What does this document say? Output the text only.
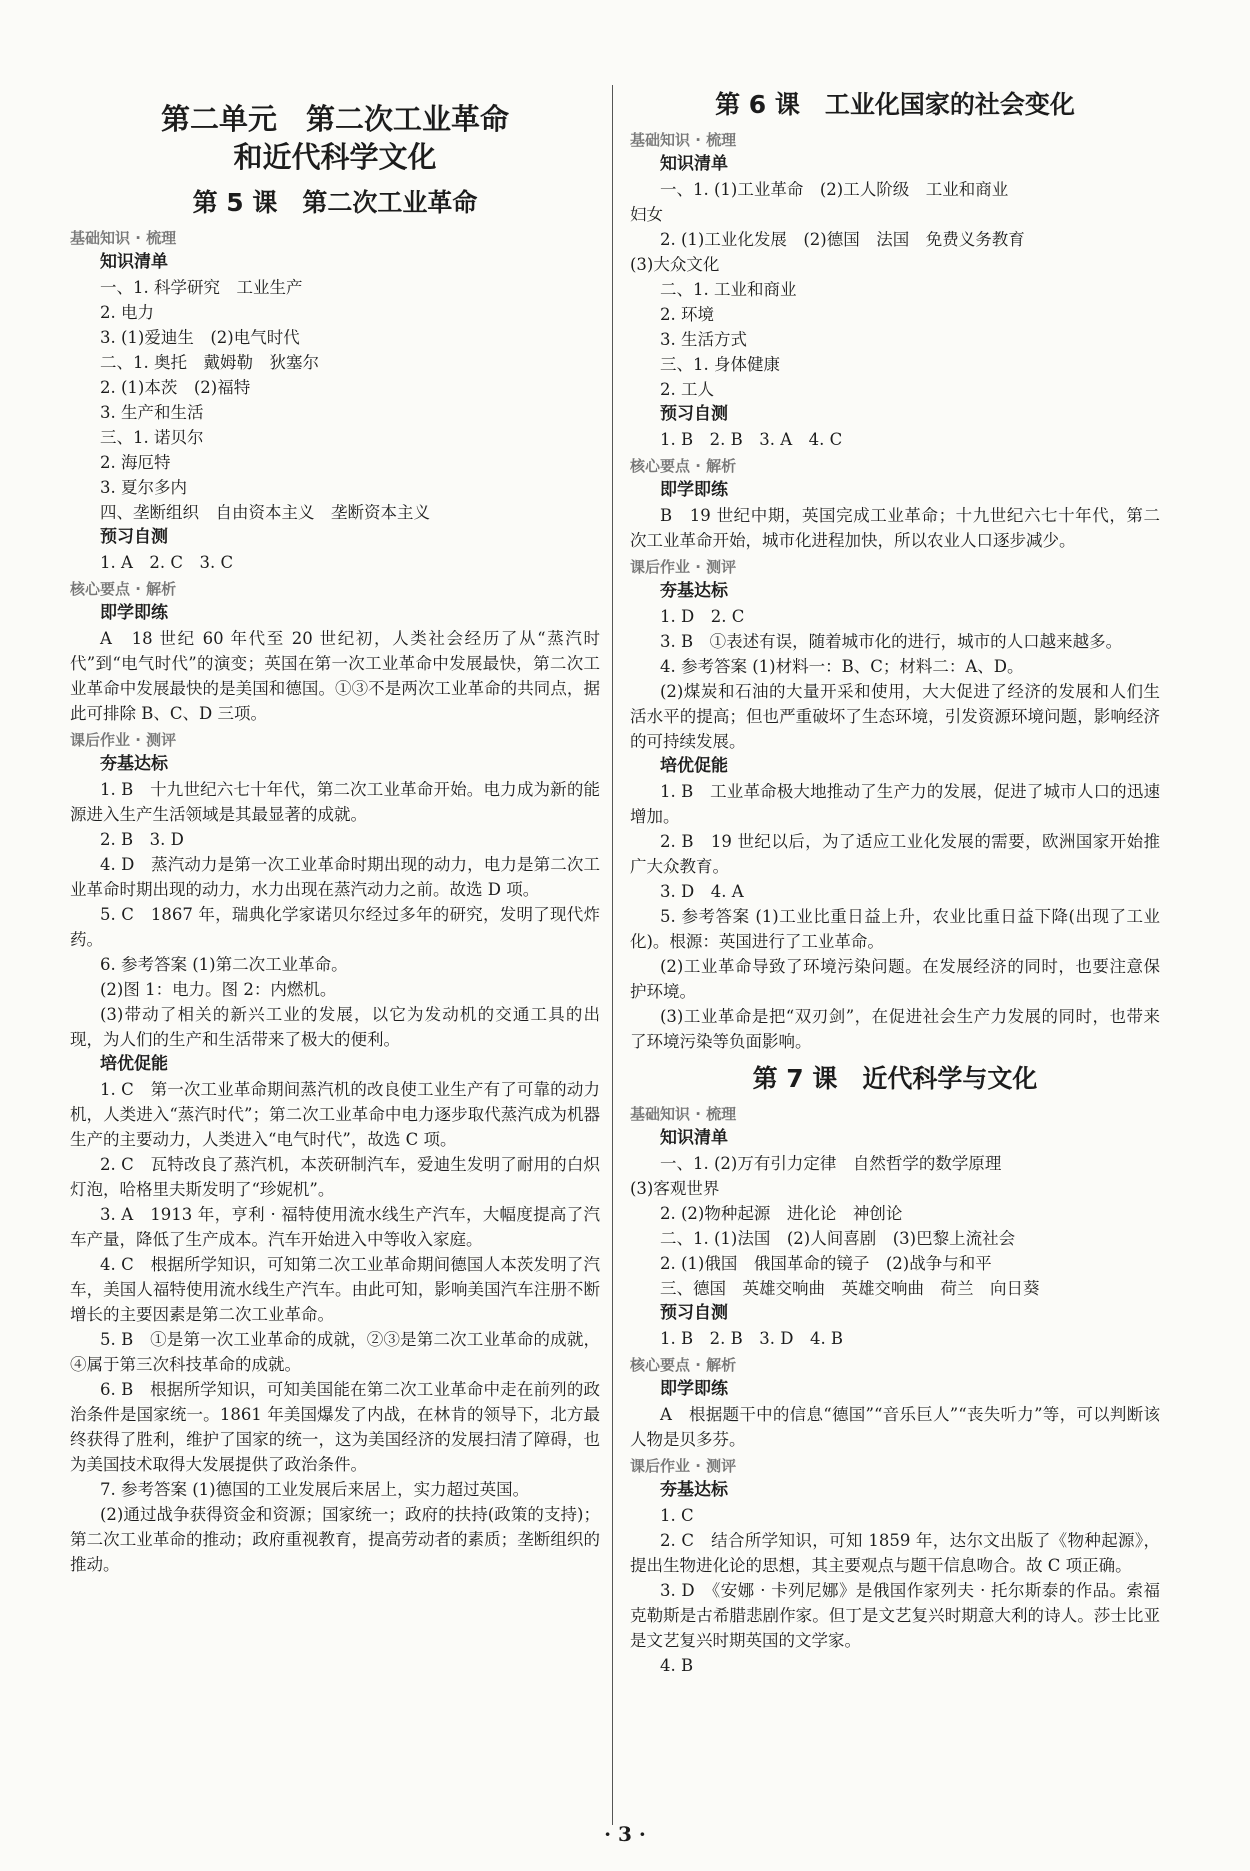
第二单元　第二次工业革命
和近代科学文化
第 5 课　第二次工业革命
基础知识 · 梳理
知识清单
一、1. 科学研究　工业生产
2. 电力
3. (1)爱迪生　(2)电气时代
二、1. 奥托　戴姆勒　狄塞尔
2. (1)本茨　(2)福特
3. 生产和生活
三、1. 诺贝尔
2. 海厄特
3. 夏尔多内
四、垄断组织　自由资本主义　垄断资本主义
预习自测
1. A　2. C　3. C
核心要点 · 解析
即学即练
A　18 世纪 60 年代至 20 世纪初，人类社会经历了从“蒸汽时代”到“电气时代”的演变；英国在第一次工业革命中发展最快，第二次工业革命中发展最快的是美国和德国。①③不是两次工业革命的共同点，据此可排除 B、C、D 三项。
课后作业 · 测评
夯基达标
1. B　十九世纪六七十年代，第二次工业革命开始。电力成为新的能源进入生产生活领域是其最显著的成就。
2. B　3. D
4. D　蒸汽动力是第一次工业革命时期出现的动力，电力是第二次工业革命时期出现的动力，水力出现在蒸汽动力之前。故选 D 项。
5. C　1867 年，瑞典化学家诺贝尔经过多年的研究，发明了现代炸药。
6. 参考答案 (1)第二次工业革命。
(2)图 1：电力。图 2：内燃机。
(3)带动了相关的新兴工业的发展，以它为发动机的交通工具的出现，为人们的生产和生活带来了极大的便利。
培优促能
1. C　第一次工业革命期间蒸汽机的改良使工业生产有了可靠的动力机，人类进入“蒸汽时代”；第二次工业革命中电力逐步取代蒸汽成为机器生产的主要动力，人类进入“电气时代”，故选 C 项。
2. C　瓦特改良了蒸汽机，本茨研制汽车，爱迪生发明了耐用的白炽灯泡，哈格里夫斯发明了“珍妮机”。
3. A　1913 年，亨利 · 福特使用流水线生产汽车，大幅度提高了汽车产量，降低了生产成本。汽车开始进入中等收入家庭。
4. C　根据所学知识，可知第二次工业革命期间德国人本茨发明了汽车，美国人福特使用流水线生产汽车。由此可知，影响美国汽车注册不断增长的主要因素是第二次工业革命。
5. B　①是第一次工业革命的成就，②③是第二次工业革命的成就，④属于第三次科技革命的成就。
6. B　根据所学知识，可知美国能在第二次工业革命中走在前列的政治条件是国家统一。1861 年美国爆发了内战，在林肯的领导下，北方最终获得了胜利，维护了国家的统一，这为美国经济的发展扫清了障碍，也为美国技术取得大发展提供了政治条件。
7. 参考答案 (1)德国的工业发展后来居上，实力超过英国。
(2)通过战争获得资金和资源；国家统一；政府的扶持(政策的支持)；第二次工业革命的推动；政府重视教育，提高劳动者的素质；垄断组织的推动。
第 6 课　工业化国家的社会变化
基础知识 · 梳理
知识清单
一、1. (1)工业革命　(2)工人阶级　工业和商业
妇女
2. (1)工业化发展　(2)德国　法国　免费义务教育
(3)大众文化
二、1. 工业和商业
2. 环境
3. 生活方式
三、1. 身体健康
2. 工人
预习自测
1. B　2. B　3. A　4. C
核心要点 · 解析
即学即练
B　19 世纪中期，英国完成工业革命；十九世纪六七十年代，第二次工业革命开始，城市化进程加快，所以农业人口逐步减少。
课后作业 · 测评
夯基达标
1. D　2. C
3. B　①表述有误，随着城市化的进行，城市的人口越来越多。
4. 参考答案 (1)材料一：B、C；材料二：A、D。
(2)煤炭和石油的大量开采和使用，大大促进了经济的发展和人们生活水平的提高；但也严重破坏了生态环境，引发资源环境问题，影响经济的可持续发展。
培优促能
1. B　工业革命极大地推动了生产力的发展，促进了城市人口的迅速增加。
2. B　19 世纪以后，为了适应工业化发展的需要，欧洲国家开始推广大众教育。
3. D　4. A
5. 参考答案 (1)工业比重日益上升，农业比重日益下降(出现了工业化)。根源：英国进行了工业革命。
(2)工业革命导致了环境污染问题。在发展经济的同时，也要注意保护环境。
(3)工业革命是把“双刃剑”，在促进社会生产力发展的同时，也带来了环境污染等负面影响。
第 7 课　近代科学与文化
基础知识 · 梳理
知识清单
一、1. (2)万有引力定律　自然哲学的数学原理
(3)客观世界
2. (2)物种起源　进化论　神创论
二、1. (1)法国　(2)人间喜剧　(3)巴黎上流社会
2. (1)俄国　俄国革命的镜子　(2)战争与和平
三、德国　英雄交响曲　英雄交响曲　荷兰　向日葵
预习自测
1. B　2. B　3. D　4. B
核心要点 · 解析
即学即练
A　根据题干中的信息“德国”“音乐巨人”“丧失听力”等，可以判断该人物是贝多芬。
课后作业 · 测评
夯基达标
1. C
2. C　结合所学知识，可知 1859 年，达尔文出版了《物种起源》，提出生物进化论的思想，其主要观点与题干信息吻合。故 C 项正确。
3. D　《安娜 · 卡列尼娜》是俄国作家列夫 · 托尔斯泰的作品。索福克勒斯是古希腊悲剧作家。但丁是文艺复兴时期意大利的诗人。莎士比亚是文艺复兴时期英国的文学家。
4. B
· 3 ·
